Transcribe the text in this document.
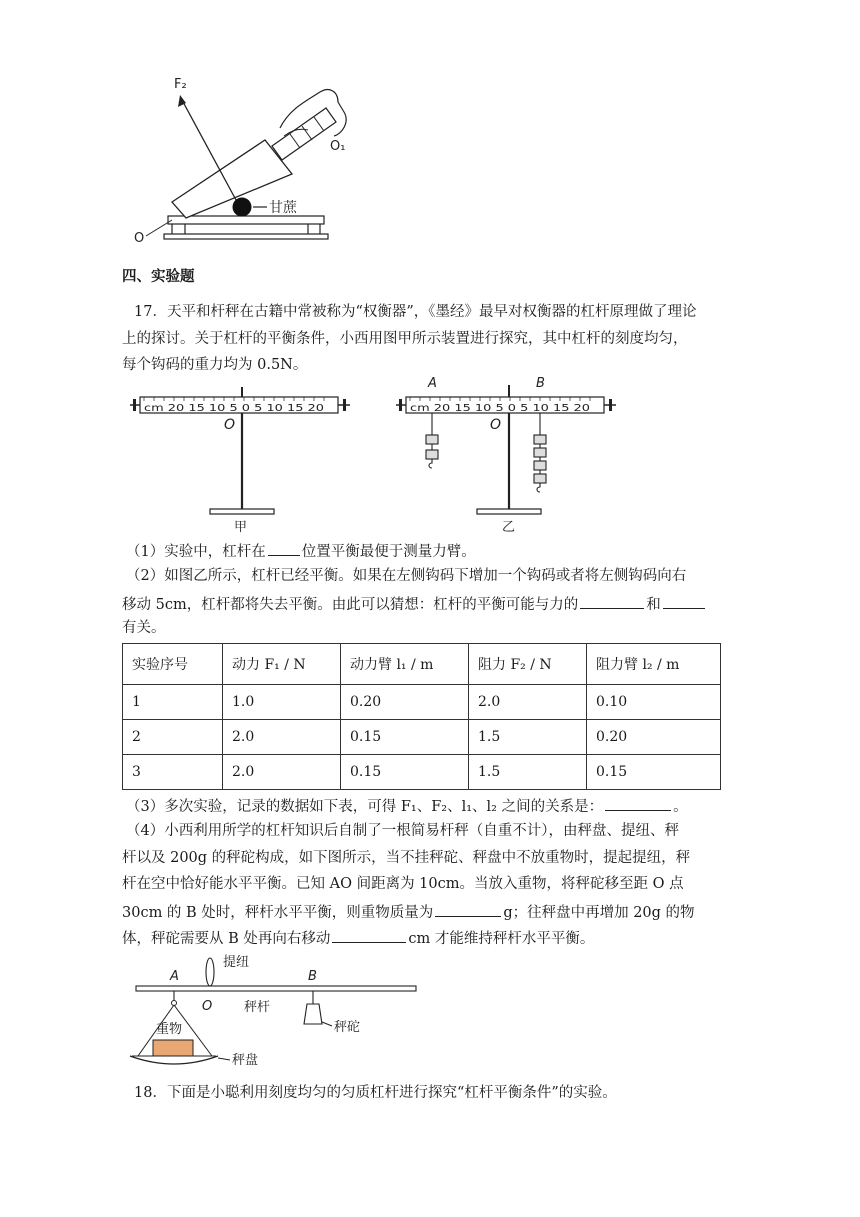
甘蔗
F₂
O₁
O
四、实验题
17．天平和杆秤在古籍中常被称为“权衡器”，《墨经》最早对权衡器的杠杆原理做了理论
上的探讨。关于杠杆的平衡条件，小西用图甲所示装置进行探究，其中杠杆的刻度均匀，
每个钩码的重力均为 0.5N。
cm 20 15 10 5 0 5 10 15 20
O
甲
cm 20 15 10 5 0 5 10 15 20
A	B
O
乙
（1）实验中，杠杆在 位置平衡最便于测量力臂。
（2）如图乙所示，杠杆已经平衡。如果在左侧钩码下增加一个钩码或者将左侧钩码向右
移动 5cm，杠杆都将失去平衡。由此可以猜想：杠杆的平衡可能与力的	和
有关。
实验序号	动力 F₁ / N	动力臂 l₁ / m	阻力 F₂ / N	阻力臂 l₂ / m
1	1.0	0.20	2.0	0.10
2	2.0	0.15	1.5	0.20
3	2.0	0.15	1.5	0.15
（3）多次实验，记录的数据如下表，可得 F₁、F₂、l₁、l₂ 之间的关系是：	。
（4）小西利用所学的杠杆知识后自制了一根简易杆秤（自重不计），由秤盘、提纽、秤
杆以及 200g 的秤砣构成，如下图所示，当不挂秤砣、秤盘中不放重物时，提起提纽，秤
杆在空中恰好能水平平衡。已知 AO 间距离为 10cm。当放入重物，将秤砣移至距 O 点
30cm 的 B 处时，秤杆水平平衡，则重物质量为	g；往秤盘中再增加 20g 的物
体，秤砣需要从 B 处再向右移动	cm 才能维持秤杆水平平衡。
A
重物
秤盘
O
提纽
秤杆
B
秤砣
18．下面是小聪利用刻度均匀的匀质杠杆进行探究“杠杆平衡条件”的实验。
